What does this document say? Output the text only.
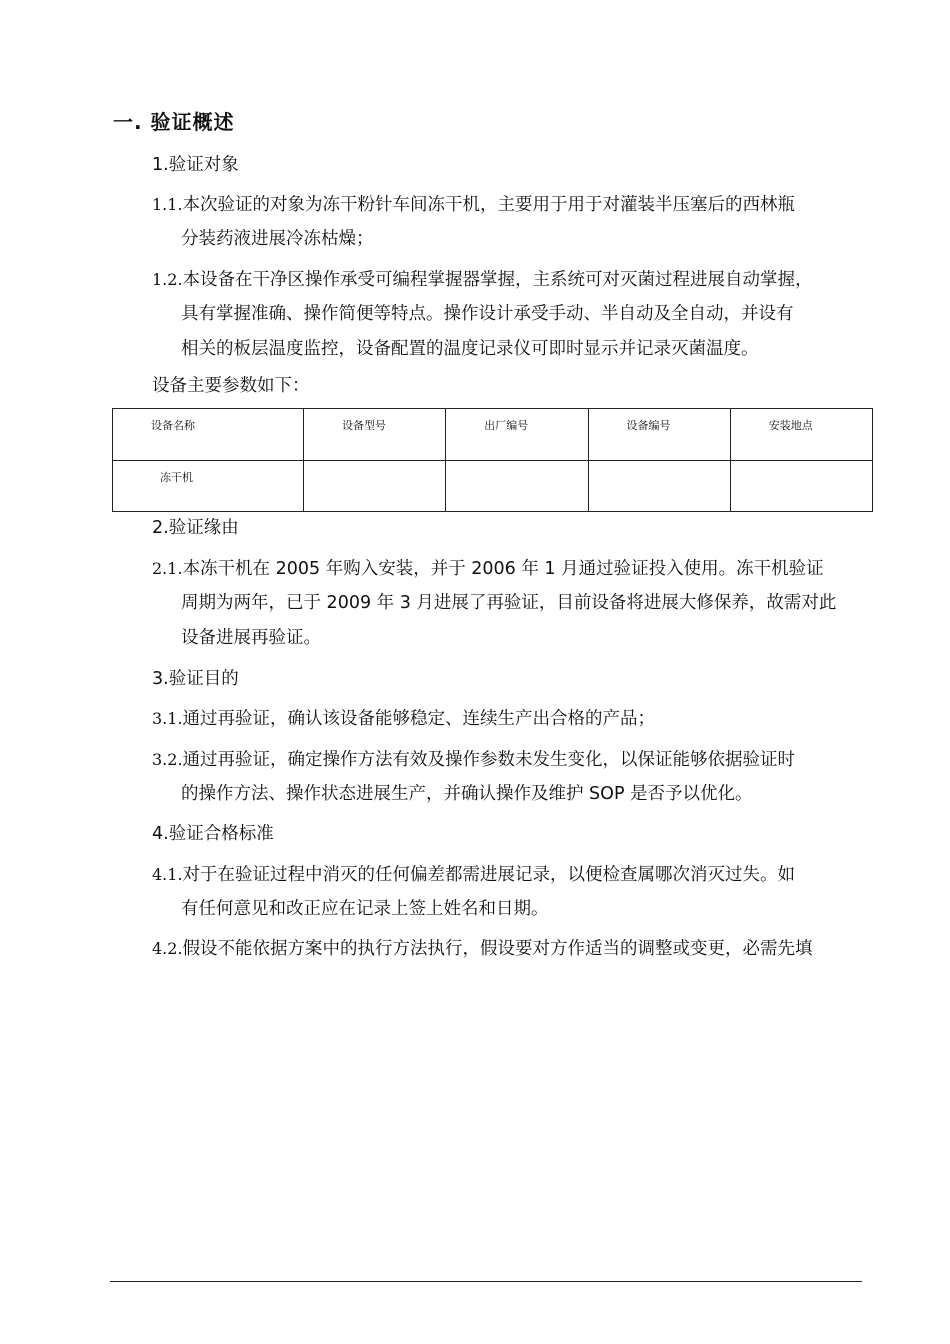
一. 验证概述
1.验证对象
1.1.本次验证的对象为冻干粉针车间冻干机，主要用于用于对灌装半压塞后的西林瓶
分装药液进展冷冻枯燥；
1.2.本设备在干净区操作承受可编程掌握器掌握，主系统可对灭菌过程进展自动掌握，
具有掌握准确、操作简便等特点。操作设计承受手动、半自动及全自动，并设有
相关的板层温度监控，设备配置的温度记录仪可即时显示并记录灭菌温度。
设备主要参数如下：
设备名称	设备型号	出厂编号	设备编号	安装地点
冻干机				
2.验证缘由
2.1.本冻干机在 2005 年购入安装，并于 2006 年 1 月通过验证投入使用。冻干机验证
周期为两年，已于 2009 年 3 月进展了再验证，目前设备将进展大修保养，故需对此
设备进展再验证。
3.验证目的
3.1.通过再验证，确认该设备能够稳定、连续生产出合格的产品；
3.2.通过再验证，确定操作方法有效及操作参数未发生变化，以保证能够依据验证时
的操作方法、操作状态进展生产，并确认操作及维护 SOP 是否予以优化。
4.验证合格标准
4.1.对于在验证过程中消灭的任何偏差都需进展记录，以便检查属哪次消灭过失。如
有任何意见和改正应在记录上签上姓名和日期。
4.2.假设不能依据方案中的执行方法执行，假设要对方作适当的调整或变更，必需先填
